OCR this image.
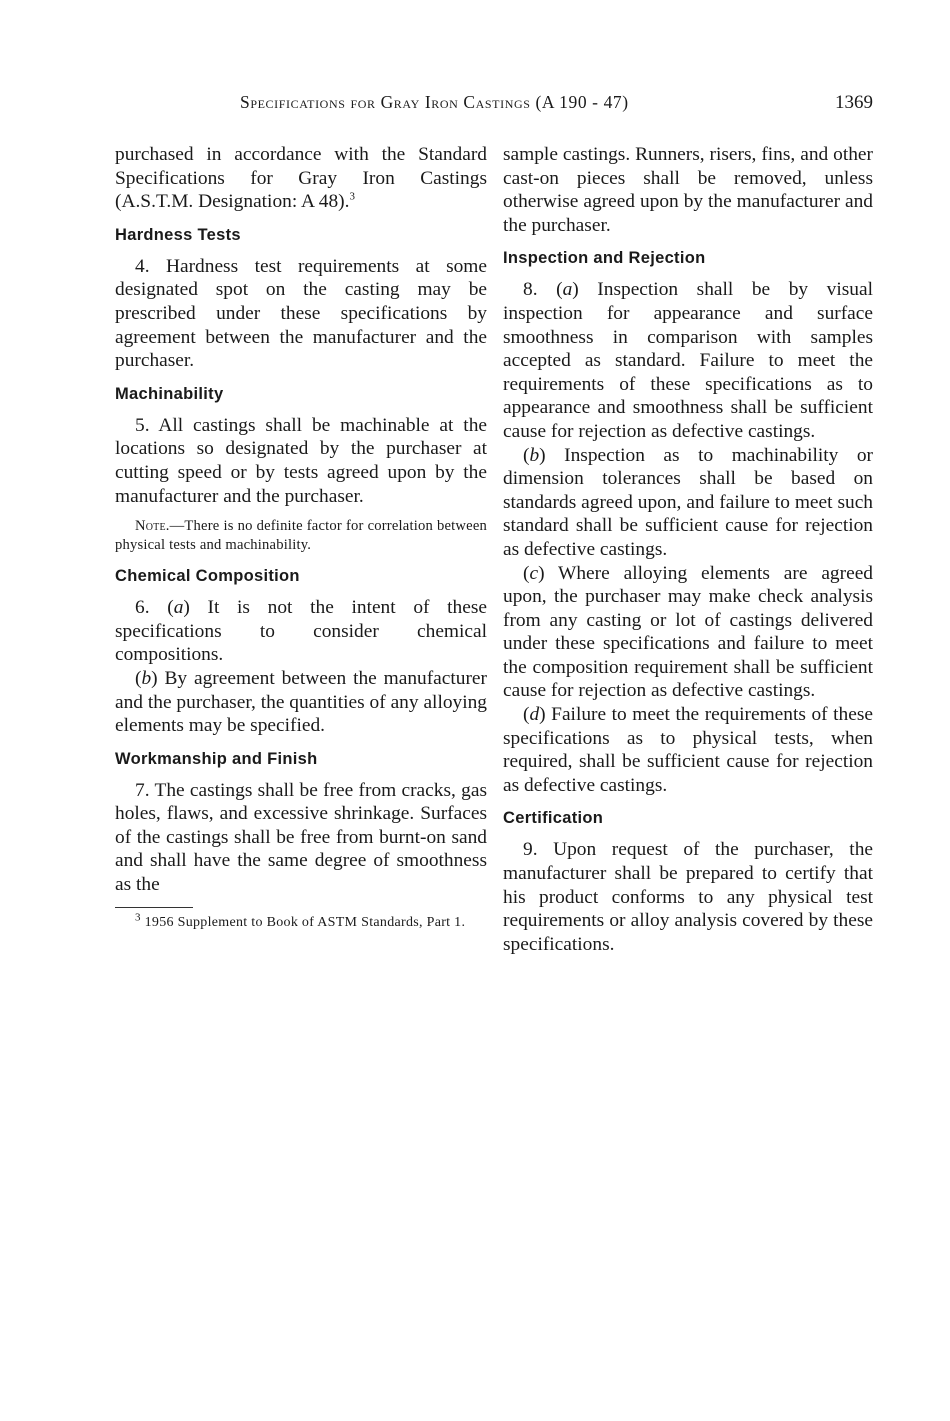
Specifications for Gray Iron Castings (A 190 - 47)	1369

purchased in accordance with the Standard Specifications for Gray Iron Castings (A.S.T.M. Designation: A 48).$^3$

Hardness Tests

4. Hardness test requirements at some designated spot on the casting may be prescribed under these specifications by agreement between the manufacturer and the purchaser.

Machinability

5. All castings shall be machinable at the locations so designated by the purchaser at cutting speed or by tests agreed upon by the manufacturer and the purchaser.

Note.—There is no definite factor for correlation between physical tests and machinability.

Chemical Composition

6. (a) It is not the intent of these specifications to consider chemical compositions.

(b) By agreement between the manufacturer and the purchaser, the quantities of any alloying elements may be specified.

Workmanship and Finish

7. The castings shall be free from cracks, gas holes, flaws, and excessive shrinkage. Surfaces of the castings shall be free from burnt-on sand and shall have the same degree of smoothness as the

$^3$ 1956 Supplement to Book of ASTM Standards, Part 1.

sample castings. Runners, risers, fins, and other cast-on pieces shall be removed, unless otherwise agreed upon by the manufacturer and the purchaser.

Inspection and Rejection

8. (a) Inspection shall be by visual inspection for appearance and surface smoothness in comparison with samples accepted as standard. Failure to meet the requirements of these specifications as to appearance and smoothness shall be sufficient cause for rejection as defective castings.

(b) Inspection as to machinability or dimension tolerances shall be based on standards agreed upon, and failure to meet such standard shall be sufficient cause for rejection as defective castings.

(c) Where alloying elements are agreed upon, the purchaser may make check analysis from any casting or lot of castings delivered under these specifications and failure to meet the composition requirement shall be sufficient cause for rejection as defective castings.

(d) Failure to meet the requirements of these specifications as to physical tests, when required, shall be sufficient cause for rejection as defective castings.

Certification

9. Upon request of the purchaser, the manufacturer shall be prepared to certify that his product conforms to any physical test requirements or alloy analysis covered by these specifications.
